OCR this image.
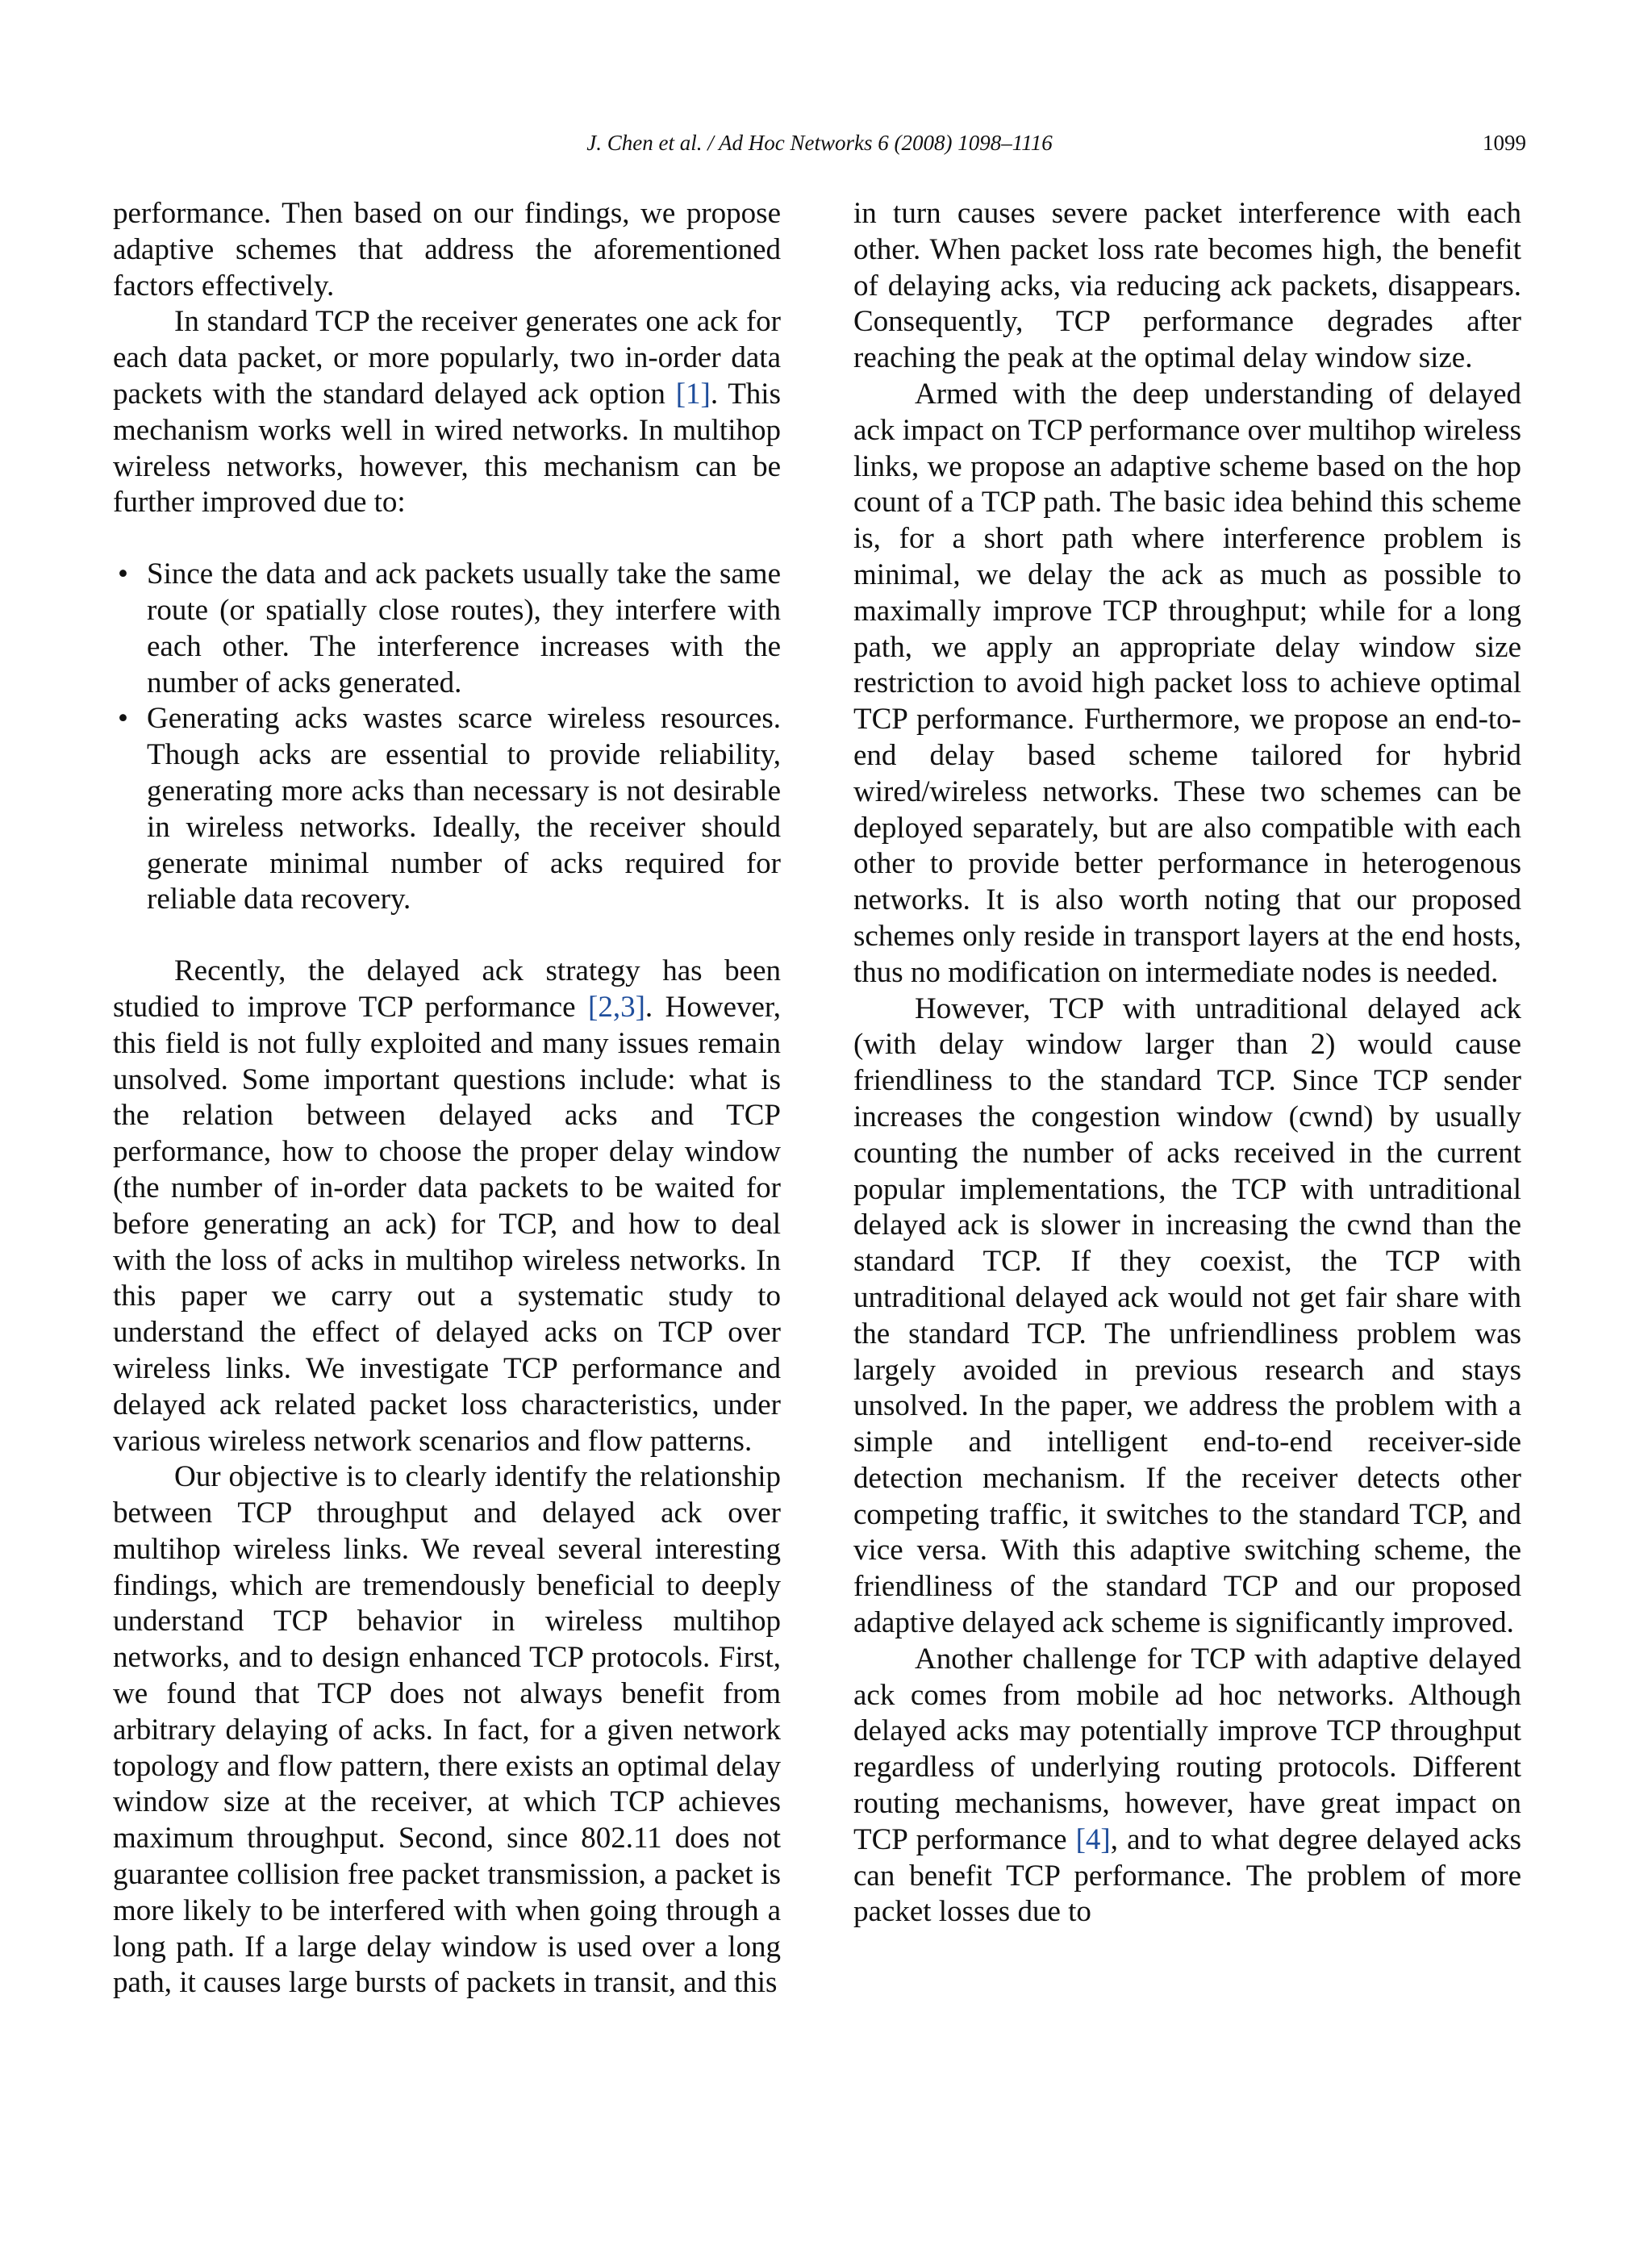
J. Chen et al. / Ad Hoc Networks 6 (2008) 1098–1116	1099

performance. Then based on our findings, we propose adaptive schemes that address the aforementioned factors effectively.

In standard TCP the receiver generates one ack for each data packet, or more popularly, two in-order data packets with the standard delayed ack option [1]. This mechanism works well in wired networks. In multihop wireless networks, however, this mechanism can be further improved due to:

• Since the data and ack packets usually take the same route (or spatially close routes), they interfere with each other. The interference increases with the number of acks generated.
• Generating acks wastes scarce wireless resources. Though acks are essential to provide reliability, generating more acks than necessary is not desirable in wireless networks. Ideally, the receiver should generate minimal number of acks required for reliable data recovery.

Recently, the delayed ack strategy has been studied to improve TCP performance [2,3]. However, this field is not fully exploited and many issues remain unsolved. Some important questions include: what is the relation between delayed acks and TCP performance, how to choose the proper delay window (the number of in-order data packets to be waited for before generating an ack) for TCP, and how to deal with the loss of acks in multihop wireless networks. In this paper we carry out a systematic study to understand the effect of delayed acks on TCP over wireless links. We investigate TCP performance and delayed ack related packet loss characteristics, under various wireless network scenarios and flow patterns.

Our objective is to clearly identify the relationship between TCP throughput and delayed ack over multihop wireless links. We reveal several interesting findings, which are tremendously beneficial to deeply understand TCP behavior in wireless multihop networks, and to design enhanced TCP protocols. First, we found that TCP does not always benefit from arbitrary delaying of acks. In fact, for a given network topology and flow pattern, there exists an optimal delay window size at the receiver, at which TCP achieves maximum throughput. Second, since 802.11 does not guarantee collision free packet transmission, a packet is more likely to be interfered with when going through a long path. If a large delay window is used over a long path, it causes large bursts of packets in transit, and this

in turn causes severe packet interference with each other. When packet loss rate becomes high, the benefit of delaying acks, via reducing ack packets, disappears. Consequently, TCP performance degrades after reaching the peak at the optimal delay window size.

Armed with the deep understanding of delayed ack impact on TCP performance over multihop wireless links, we propose an adaptive scheme based on the hop count of a TCP path. The basic idea behind this scheme is, for a short path where interference problem is minimal, we delay the ack as much as possible to maximally improve TCP throughput; while for a long path, we apply an appropriate delay window size restriction to avoid high packet loss to achieve optimal TCP performance. Furthermore, we propose an end-to-end delay based scheme tailored for hybrid wired/wireless networks. These two schemes can be deployed separately, but are also compatible with each other to provide better performance in heterogenous networks. It is also worth noting that our proposed schemes only reside in transport layers at the end hosts, thus no modification on intermediate nodes is needed.

However, TCP with untraditional delayed ack (with delay window larger than 2) would cause friendliness to the standard TCP. Since TCP sender increases the congestion window (cwnd) by usually counting the number of acks received in the current popular implementations, the TCP with untraditional delayed ack is slower in increasing the cwnd than the standard TCP. If they coexist, the TCP with untraditional delayed ack would not get fair share with the standard TCP. The unfriendliness problem was largely avoided in previous research and stays unsolved. In the paper, we address the problem with a simple and intelligent end-to-end receiver-side detection mechanism. If the receiver detects other competing traffic, it switches to the standard TCP, and vice versa. With this adaptive switching scheme, the friendliness of the standard TCP and our proposed adaptive delayed ack scheme is significantly improved.

Another challenge for TCP with adaptive delayed ack comes from mobile ad hoc networks. Although delayed acks may potentially improve TCP throughput regardless of underlying routing protocols. Different routing mechanisms, however, have great impact on TCP performance [4], and to what degree delayed acks can benefit TCP performance. The problem of more packet losses due to
